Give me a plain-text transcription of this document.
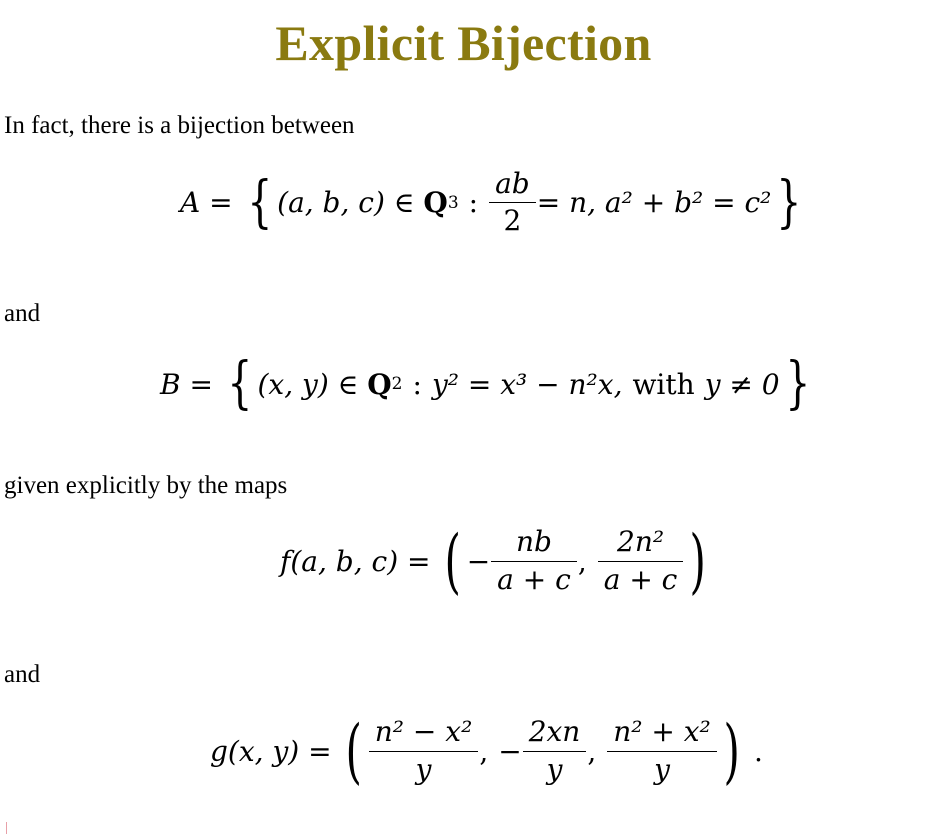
Explicit Bijection
In fact, there is a bijection between
A = { (a, b, c) ∈ Q 3 : $\frac{ab}{2} = n$, a² + b² = c² }
and
B = { (x, y) ∈ Q 2 : y² = x³ − n²x, with y ≠ 0 }
given explicitly by the maps
f(a, b, c) = ( − $\frac{nb}{a + c}$ , $\frac{\text{2n²}}{a + c}$ )
and
g(x, y) = ( $\frac{\text{n² − x²}}{y}$ , − $\frac{2xn}{y}$ , $\frac{\text{n² + x²}}{y}$ ) .
